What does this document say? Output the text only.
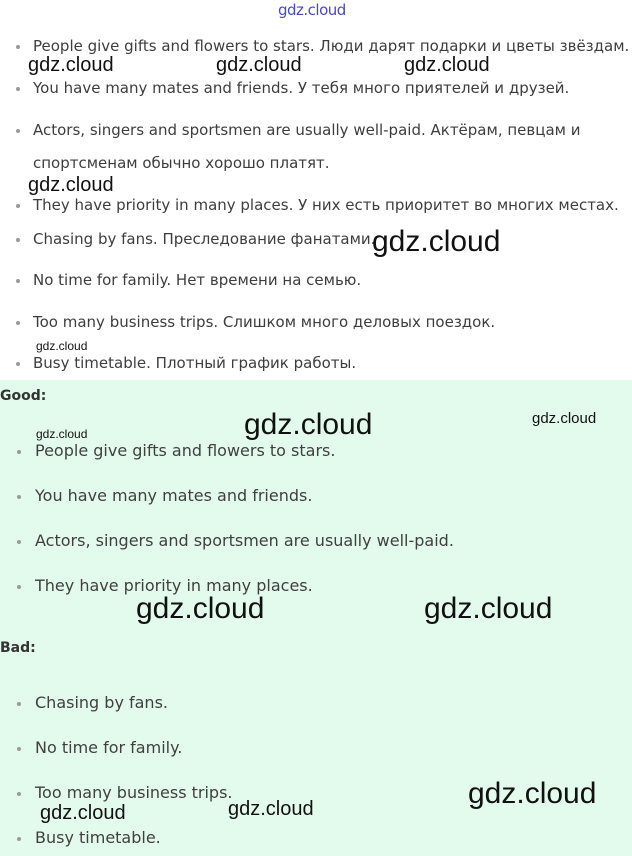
gdz.cloud
People give gifts and flowers to stars. Люди дарят подарки и цветы звёздам.
You have many mates and friends. У тебя много приятелей и друзей.
Actors, singers and sportsmen are usually well-paid. Актёрам, певцам и
спортсменам обычно хорошо платят.
They have priority in many places. У них есть приоритет во многих местах.
Chasing by fans. Преследование фанатами.
No time for family. Нет времени на семью.
Too many business trips. Слишком много деловых поездок.
Busy timetable. Плотный график работы.
Good:
People give gifts and flowers to stars.
You have many mates and friends.
Actors, singers and sportsmen are usually well-paid.
They have priority in many places.
Bad:
Chasing by fans.
No time for family.
Too many business trips.
Busy timetable.
gdz.cloud	gdz.cloud	gdz.cloud
gdz.cloud
gdz.cloud
gdz.cloud
gdz.cloud	gdz.cloud
gdz.cloud
gdz.cloud	gdz.cloud
gdz.cloud
gdz.cloud	gdz.cloud
